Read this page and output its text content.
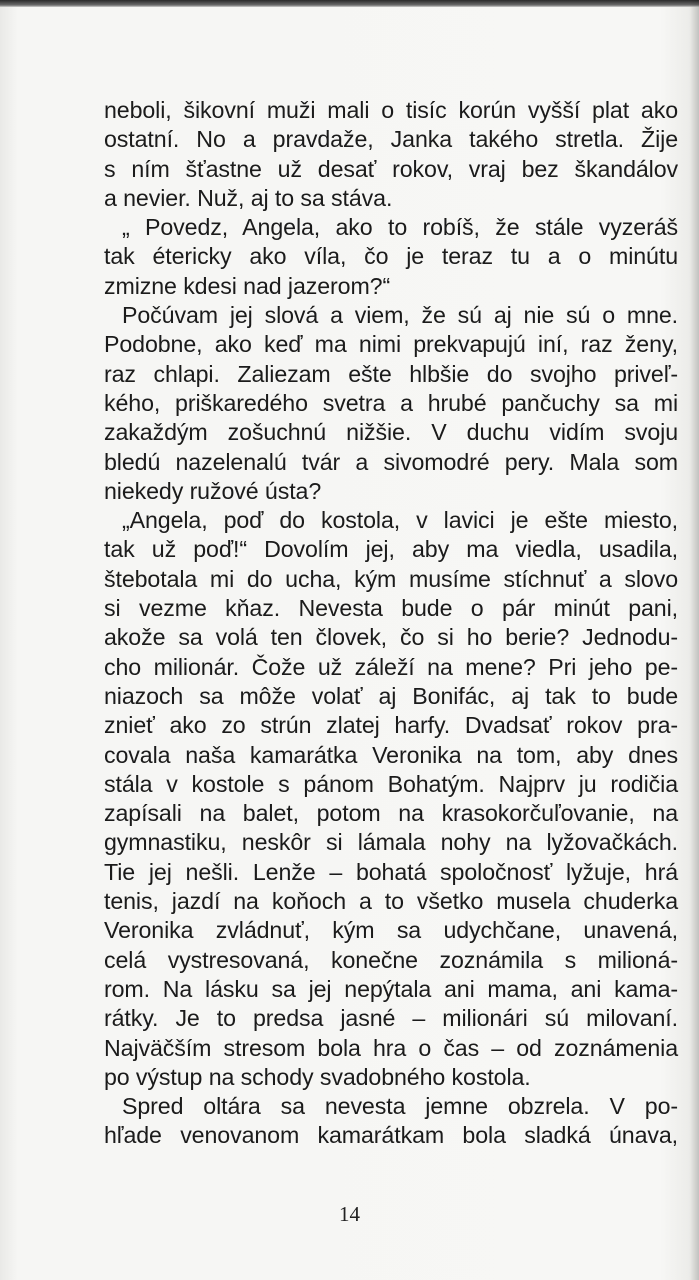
neboli, šikovní muži mali o tisíc korún vyšší plat ako
ostatní. No a pravdaže, Janka takého stretla. Žije
s ním šťastne už desať rokov, vraj bez škandálov
a nevier. Nuž, aj to sa stáva.
„ Povedz, Angela, ako to robíš, že stále vyzeráš
tak étericky ako víla, čo je teraz tu a o minútu
zmizne kdesi nad jazerom?“
Počúvam jej slová a viem, že sú aj nie sú o mne.
Podobne, ako keď ma nimi prekvapujú iní, raz ženy,
raz chlapi. Zaliezam ešte hlbšie do svojho priveľ-
kého, priškaredého svetra a hrubé pančuchy sa mi
zakaždým zošuchnú nižšie. V duchu vidím svoju
bledú nazelenalú tvár a sivomodré pery. Mala som
niekedy ružové ústa?
„Angela, poď do kostola, v lavici je ešte miesto,
tak už poď!“ Dovolím jej, aby ma viedla, usadila,
štebotala mi do ucha, kým musíme stíchnuť a slovo
si vezme kňaz. Nevesta bude o pár minút pani,
akože sa volá ten človek, čo si ho berie? Jednodu-
cho milionár. Čože už záleží na mene? Pri jeho pe-
niazoch sa môže volať aj Bonifác, aj tak to bude
znieť ako zo strún zlatej harfy. Dvadsať rokov pra-
covala naša kamarátka Veronika na tom, aby dnes
stála v kostole s pánom Bohatým. Najprv ju rodičia
zapísali na balet, potom na krasokorčuľovanie, na
gymnastiku, neskôr si lámala nohy na lyžovačkách.
Tie jej nešli. Lenže – bohatá spoločnosť lyžuje, hrá
tenis, jazdí na koňoch a to všetko musela chuderka
Veronika zvládnuť, kým sa udychčane, unavená,
celá vystresovaná, konečne zoznámila s milioná-
rom. Na lásku sa jej nepýtala ani mama, ani kama-
rátky. Je to predsa jasné – milionári sú milovaní.
Najväčším stresom bola hra o čas – od zoznámenia
po výstup na schody svadobného kostola.
Spred oltára sa nevesta jemne obzrela. V po-
hľade venovanom kamarátkam bola sladká únava,
14
